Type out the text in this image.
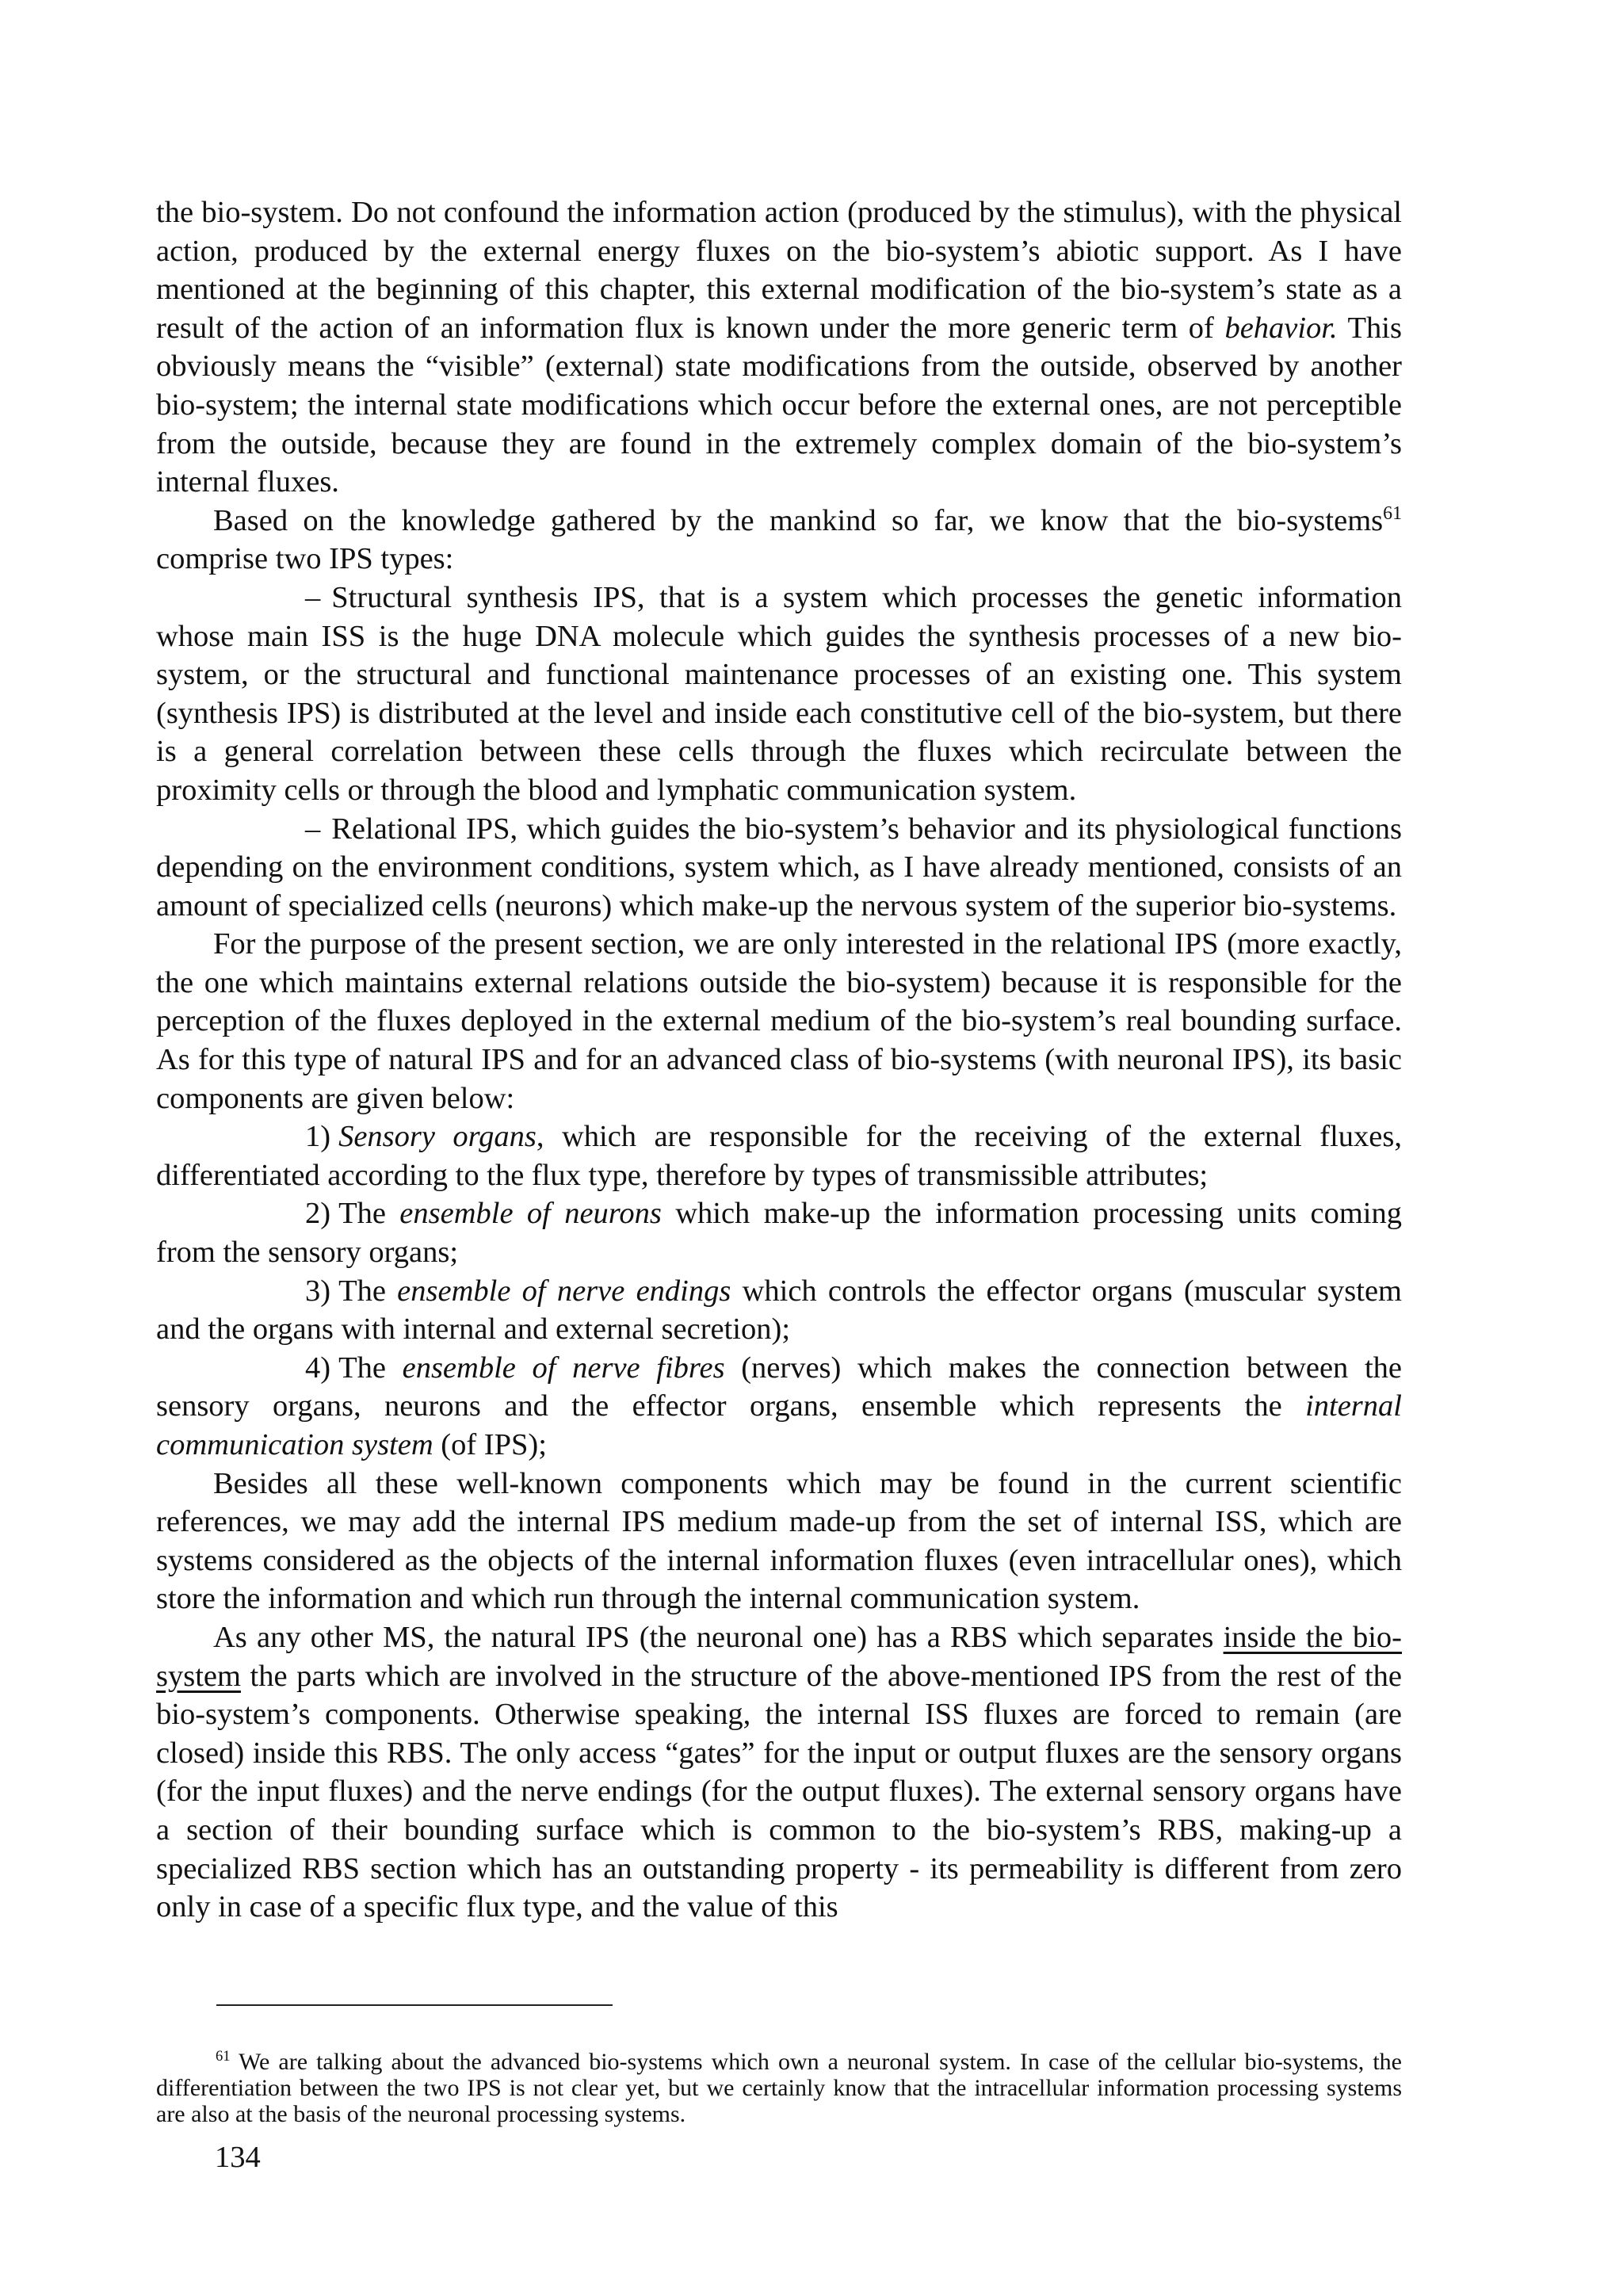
the bio-system. Do not confound the information action (produced by the stimulus), with the physical action, produced by the external energy fluxes on the bio-system’s abiotic support. As I have mentioned at the beginning of this chapter, this external modification of the bio-system’s state as a result of the action of an information flux is known under the more generic term of behavior. This obviously means the “visible” (external) state modifications from the outside, observed by another bio-system; the internal state modifications which occur before the external ones, are not perceptible from the outside, because they are found in the extremely complex domain of the bio-system’s internal fluxes.

Based on the knowledge gathered by the mankind so far, we know that the bio-systems$^{61}$ comprise two IPS types:

– Structural synthesis IPS, that is a system which processes the genetic information whose main ISS is the huge DNA molecule which guides the synthesis processes of a new bio-system, or the structural and functional maintenance processes of an existing one. This system (synthesis IPS) is distributed at the level and inside each constitutive cell of the bio-system, but there is a general correlation between these cells through the fluxes which recirculate between the proximity cells or through the blood and lymphatic communication system.

– Relational IPS, which guides the bio-system’s behavior and its physiological functions depending on the environment conditions, system which, as I have already mentioned, consists of an amount of specialized cells (neurons) which make-up the nervous system of the superior bio-systems.

For the purpose of the present section, we are only interested in the relational IPS (more exactly, the one which maintains external relations outside the bio-system) because it is responsible for the perception of the fluxes deployed in the external medium of the bio-system’s real bounding surface. As for this type of natural IPS and for an advanced class of bio-systems (with neuronal IPS), its basic components are given below:

1) Sensory organs, which are responsible for the receiving of the external fluxes, differentiated according to the flux type, therefore by types of transmissible attributes;

2) The ensemble of neurons which make-up the information processing units coming from the sensory organs;

3) The ensemble of nerve endings which controls the effector organs (muscular system and the organs with internal and external secretion);

4) The ensemble of nerve fibres (nerves) which makes the connection between the sensory organs, neurons and the effector organs, ensemble which represents the internal communication system (of IPS);

Besides all these well-known components which may be found in the current scientific references, we may add the internal IPS medium made-up from the set of internal ISS, which are systems considered as the objects of the internal information fluxes (even intracellular ones), which store the information and which run through the internal communication system.

As any other MS, the natural IPS (the neuronal one) has a RBS which separates inside the bio-system the parts which are involved in the structure of the above-mentioned IPS from the rest of the bio-system’s components. Otherwise speaking, the internal ISS fluxes are forced to remain (are closed) inside this RBS. The only access “gates” for the input or output fluxes are the sensory organs (for the input fluxes) and the nerve endings (for the output fluxes). The external sensory organs have a section of their bounding surface which is common to the bio-system’s RBS, making-up a specialized RBS section which has an outstanding property - its permeability is different from zero only in case of a specific flux type, and the value of this

$^{61}$ We are talking about the advanced bio-systems which own a neuronal system. In case of the cellular bio-systems, the differentiation between the two IPS is not clear yet, but we certainly know that the intracellular information processing systems are also at the basis of the neuronal processing systems.

134
